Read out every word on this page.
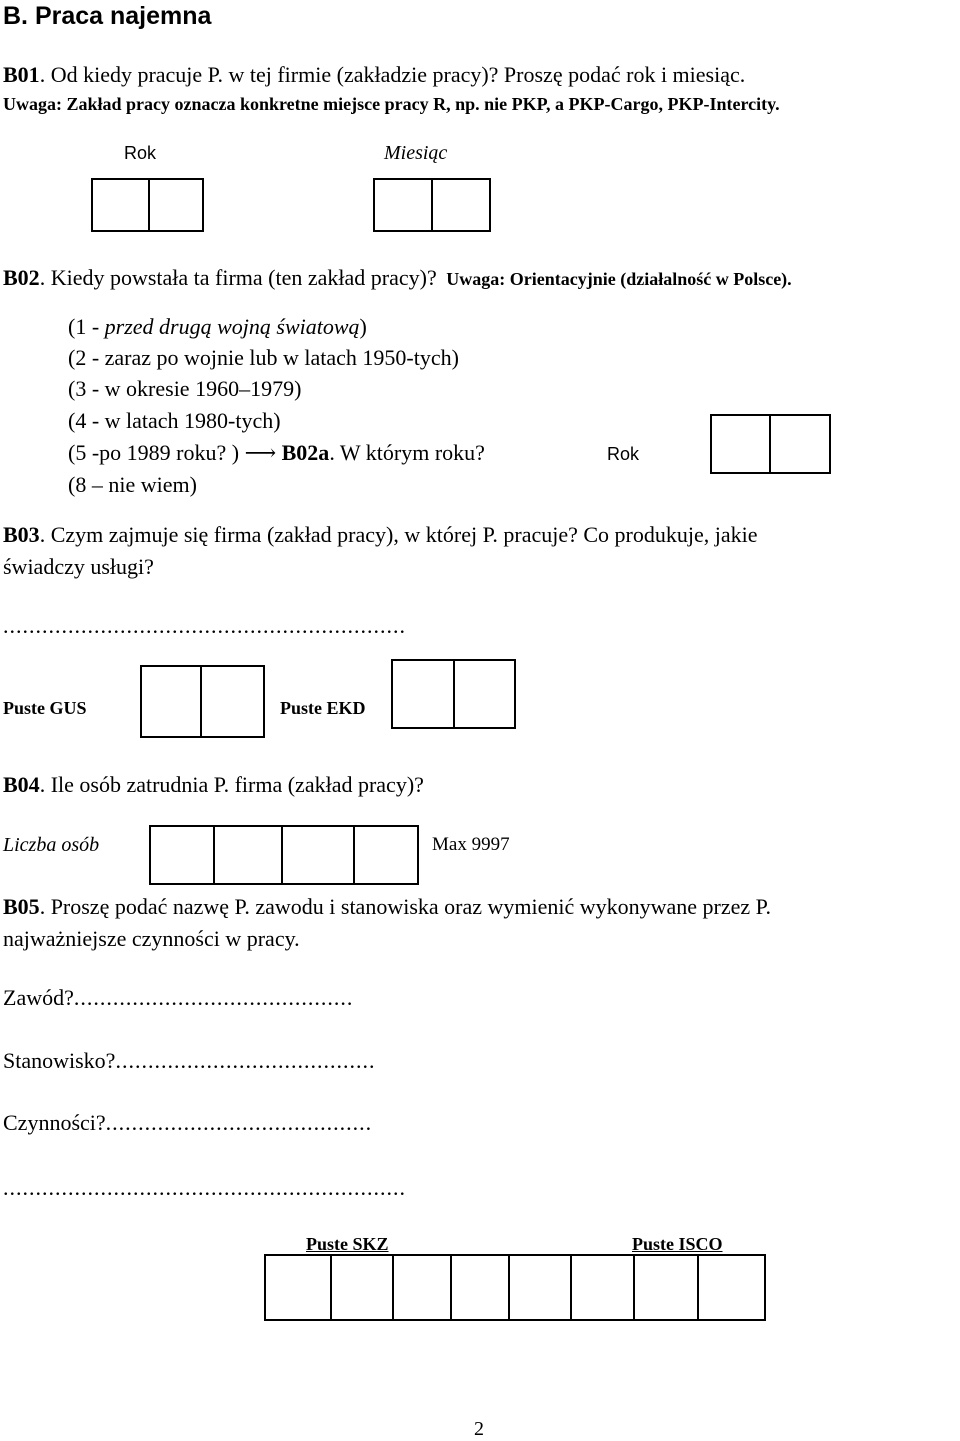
B. Praca najemna
B01. Od kiedy pracuje P. w tej firmie (zakładzie pracy)? Proszę podać rok i miesiąc.
Uwaga: Zakład pracy oznacza konkretne miejsce pracy R, np. nie PKP, a PKP-Cargo, PKP-Intercity.
Rok	Miesiąc
B02. Kiedy powstała ta firma (ten zakład pracy)? Uwaga: Orientacyjnie (działalność w Polsce).
(1 - przed drugą wojną światową)
(2 - zaraz po wojnie lub w latach 1950-tych)
(3 - w okresie 1960–1979)
(4 - w latach 1980-tych)
(5 -po 1989 roku? ) ⟶ B02a. W którym roku?	Rok
(8 – nie wiem)
B03. Czym zajmuje się firma (zakład pracy), w której P. pracuje? Co produkuje, jakie
świadczy usługi?
..............................................................
Puste GUS	Puste EKD
B04. Ile osób zatrudnia P. firma (zakład pracy)?
Liczba osób	Max 9997
B05. Proszę podać nazwę P. zawodu i stanowiska oraz wymienić wykonywane przez P.
najważniejsze czynności w pracy.
Zawód?...........................................
Stanowisko?........................................
Czynności?.........................................
..............................................................
Puste SKZ	Puste ISCO
2
